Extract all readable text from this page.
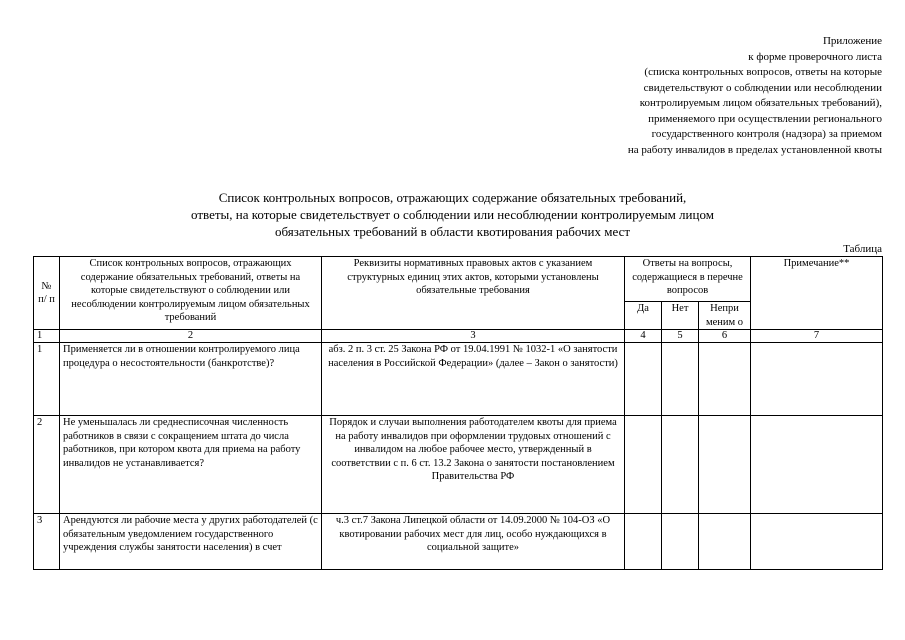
Приложение
к форме проверочного листа
(списка контрольных вопросов, ответы на которые
свидетельствуют о соблюдении или несоблюдении
контролируемым лицом обязательных требований),
применяемого при осуществлении регионального
государственного контроля (надзора) за приемом
на работу инвалидов в пределах установленной квоты
Список контрольных вопросов, отражающих содержание обязательных требований,
ответы, на которые свидетельствует о соблюдении или несоблюдении контролируемым лицом
обязательных требований в области квотирования рабочих мест
Таблица
№ п/ п	Список контрольных вопросов, отражающих содержание обязательных требований, ответы на которые свидетельствуют о соблюдении или несоблюдении контролируемым лицом обязательных требований	Реквизиты нормативных правовых актов с указанием структурных единиц этих актов, которыми установлены обязательные требования	Ответы на вопросы, содержащиеся в перечне вопросов			Примечание**
			Да	Нет	Непри меним о	
1	2	3	4	5	6	7
1	Применяется ли в отношении контролируемого лица процедура о несостоятельности (банкротстве)?	абз. 2 п. 3 ст. 25 Закона РФ от 19.04.1991 № 1032-1 «О занятости населения в Российской Федерации» (далее – Закон о занятости)				
2	Не уменьшалась ли среднесписочная численность работников в связи с сокращением штата до числа работников, при котором квота для приема на работу инвалидов не устанавливается?	Порядок и случаи выполнения работодателем квоты для приема на работу инвалидов при оформлении трудовых отношений с инвалидом на любое рабочее место, утвержденный в соответствии с п. 6 ст. 13.2 Закона о занятости постановлением Правительства РФ				
3	Арендуются ли рабочие места у других работодателей (с обязательным уведомлением государственного учреждения службы занятости населения) в счет	ч.3 ст.7 Закона Липецкой области от 14.09.2000 № 104-ОЗ «О квотировании рабочих мест для лиц, особо нуждающихся в социальной защите»				
